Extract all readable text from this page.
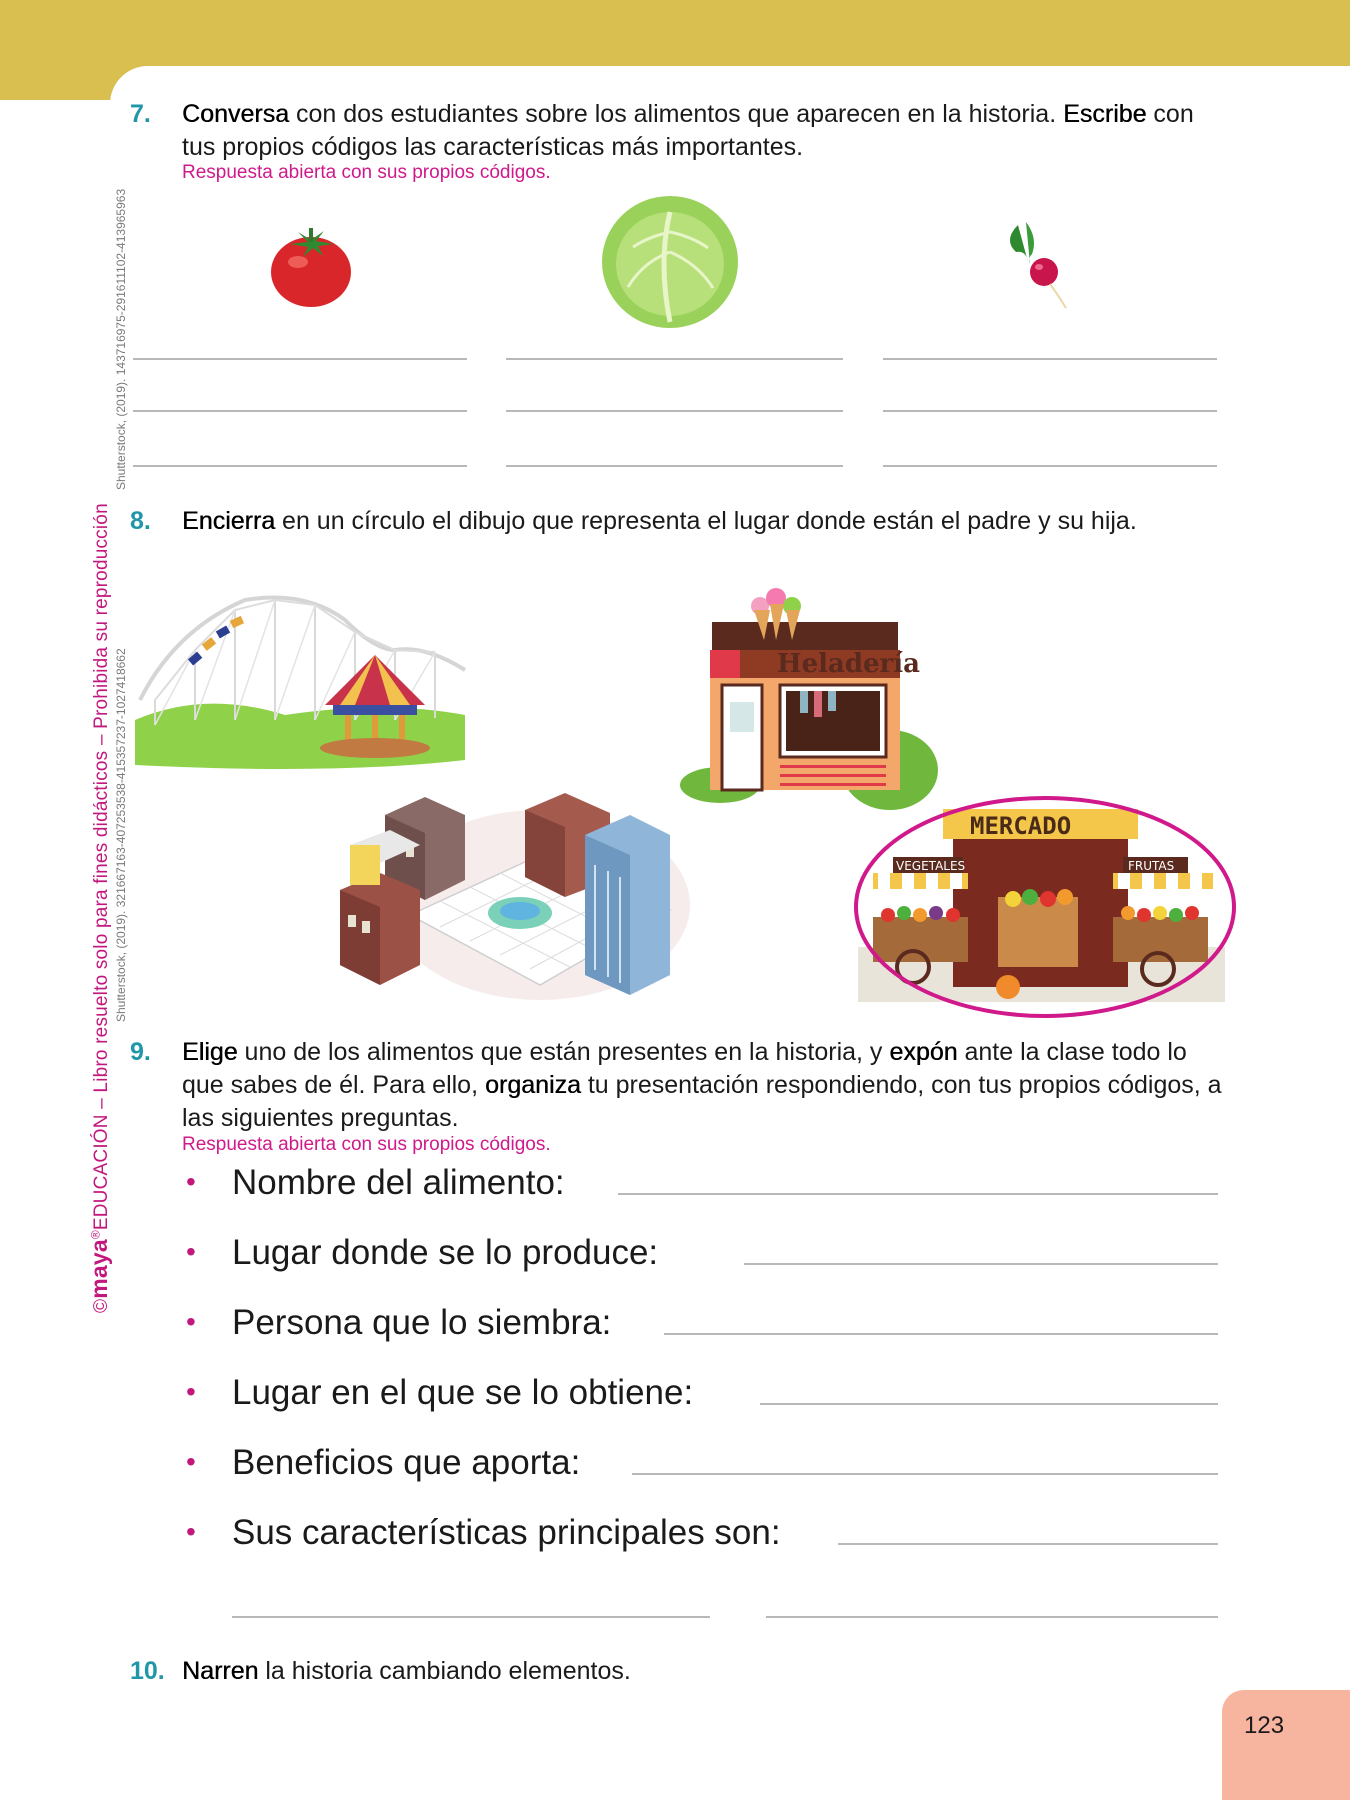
©maya®EDUCACIÓN – Libro resuelto solo para fines didácticos – Prohibida su reproducción
Shutterstock, (2019). 143716975-291611102-413965963
Shutterstock, (2019). 321667163-407253538-415357237-1027418662
7. Conversa con dos estudiantes sobre los alimentos que aparecen en la historia. Escribe con tus propios códigos las características más importantes.
Respuesta abierta con sus propios códigos.
8. Encierra en un círculo el dibujo que representa el lugar donde están el padre y su hija.
Heladería
MERCADO
VEGETALES	FRUTAS
9. Elige uno de los alimentos que están presentes en la historia, y expón ante la clase todo lo que sabes de él. Para ello, organiza tu presentación respondiendo, con tus propios códigos, a las siguientes preguntas.
Respuesta abierta con sus propios códigos.
• Nombre del alimento:
• Lugar donde se lo produce:
• Persona que lo siembra:
• Lugar en el que se lo obtiene:
• Beneficios que aporta:
• Sus características principales son:
10. Narren la historia cambiando elementos.
123
